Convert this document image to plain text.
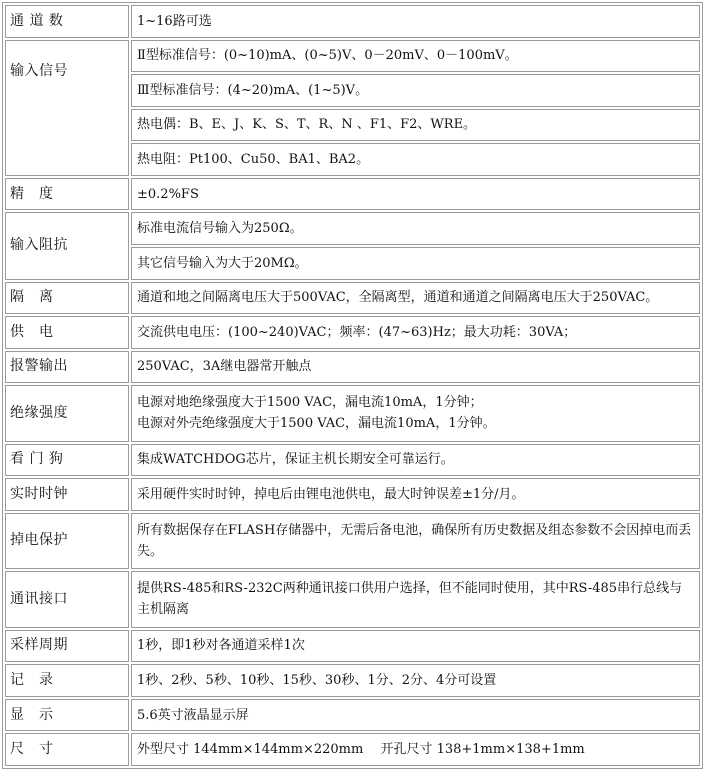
通 道 数	1~16路可选
输入信号	Ⅱ型标准信号：(0~10)mA、(0~5)V、0－20mV、0－100mV。
	Ⅲ型标准信号：(4~20)mA、(1~5)V。
	热电偶：B、E、J、K、S、T、R、N 、F1、F2、WRE。
	热电阻：Pt100、Cu50、BA1、BA2。
精　度	±0.2%FS
输入阻抗	标准电流信号输入为250Ω。
	其它信号输入为大于20MΩ。
隔　离	通道和地之间隔离电压大于500VAC，全隔离型，通道和通道之间隔离电压大于250VAC。
供　电	交流供电电压：(100~240)VAC；频率：(47~63)Hz；最大功耗：30VA；
报警输出	250VAC，3A继电器常开触点
绝缘强度	电源对地绝缘强度大于1500 VAC，漏电流10mA，1分钟；
电源对外壳绝缘强度大于1500 VAC，漏电流10mA，1分钟。
看 门 狗	集成WATCHDOG芯片，保证主机长期安全可靠运行。
实时时钟	采用硬件实时时钟，掉电后由锂电池供电，最大时钟误差±1分/月。
掉电保护	所有数据保存在FLASH存储器中，无需后备电池，确保所有历史数据及组态参数不会因掉电而丢失。
通讯接口	提供RS-485和RS-232C两种通讯接口供用户选择，但不能同时使用，其中RS-485串行总线与主机隔离
采样周期	1秒，即1秒对各通道采样1次
记　录	1秒、2秒、5秒、10秒、15秒、30秒、1分、2分、4分可设置
显　示	5.6英寸液晶显示屏
尺　寸	外型尺寸 144mm×144mm×220mm　 开孔尺寸 138+1mm×138+1mm
